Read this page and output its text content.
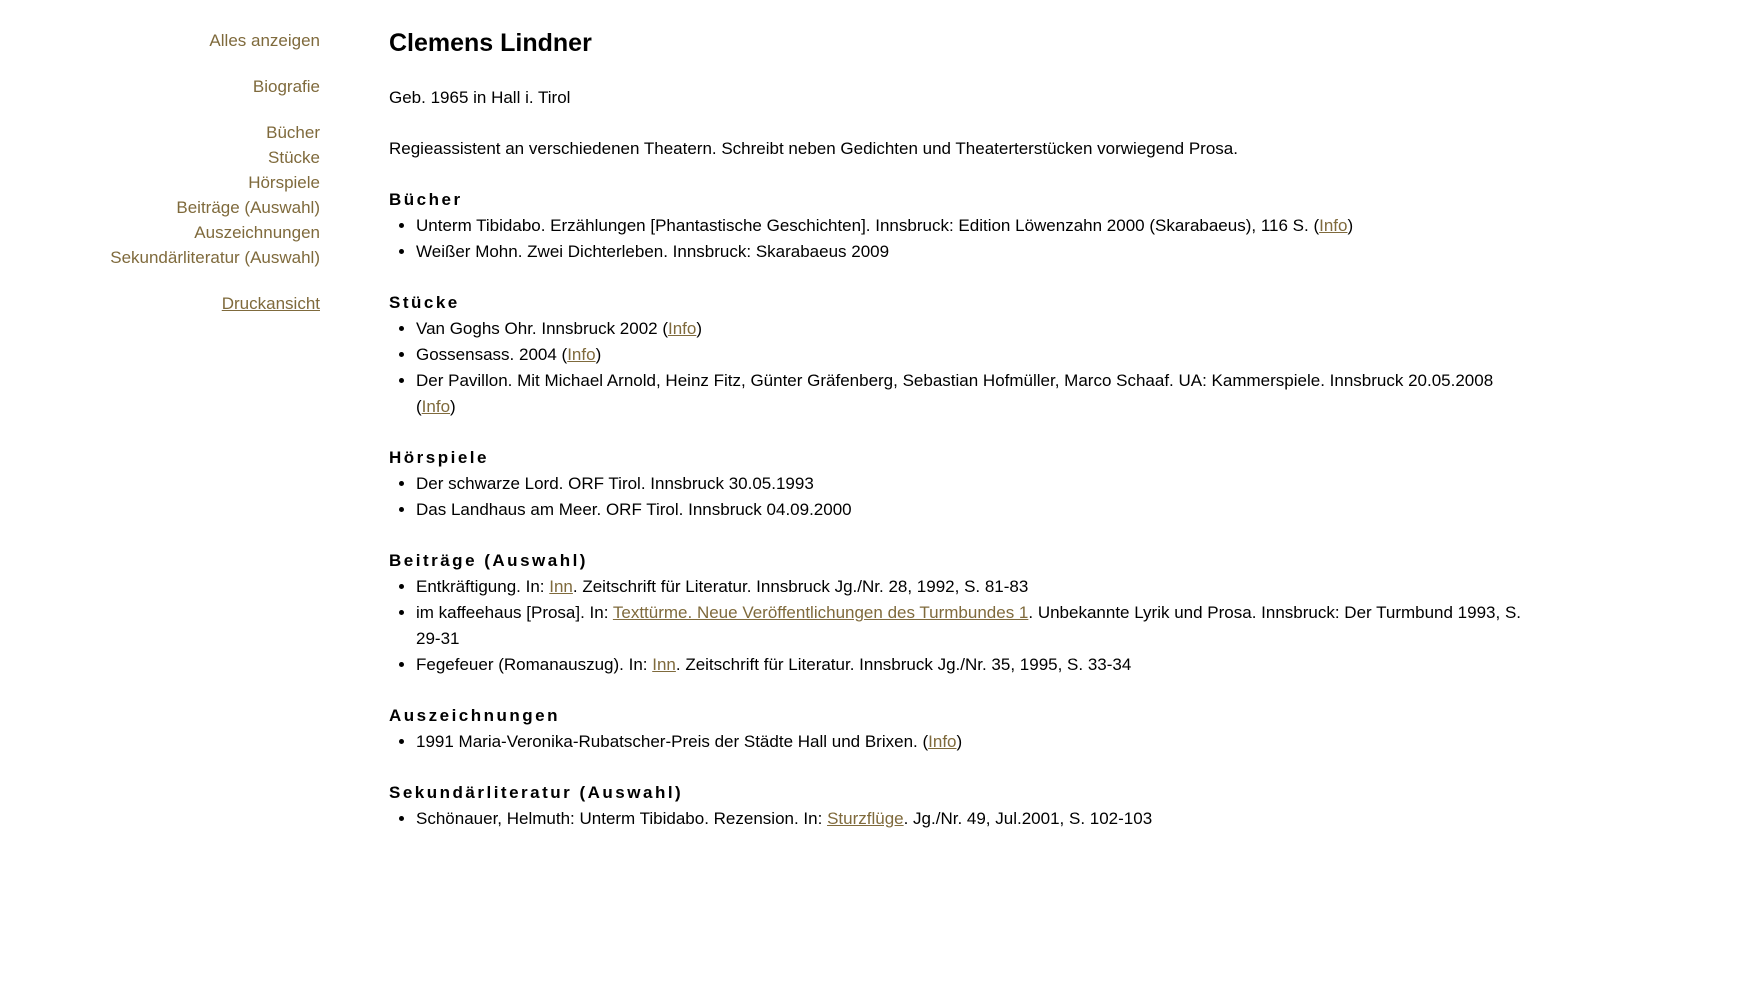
Alles anzeigen
Biografie
Bücher
Stücke
Hörspiele
Beiträge (Auswahl)
Auszeichnungen
Sekundärliteratur (Auswahl)
Druckansicht
Clemens Lindner

Geb. 1965 in Hall i. Tirol

Regieassistent an verschiedenen Theatern. Schreibt neben Gedichten und Theaterterstücken vorwiegend Prosa.

Bücher
• Unterm Tibidabo. Erzählungen [Phantastische Geschichten]. Innsbruck: Edition Löwenzahn 2000 (Skarabaeus), 116 S. (Info)
• Weißer Mohn. Zwei Dichterleben. Innsbruck: Skarabaeus 2009
Stücke
• Van Goghs Ohr. Innsbruck 2002 (Info)
• Gossensass. 2004 (Info)
• Der Pavillon. Mit Michael Arnold, Heinz Fitz, Günter Gräfenberg, Sebastian Hofmüller, Marco Schaaf. UA: Kammerspiele. Innsbruck 20.05.2008 (Info)
Hörspiele
• Der schwarze Lord. ORF Tirol. Innsbruck 30.05.1993
• Das Landhaus am Meer. ORF Tirol. Innsbruck 04.09.2000
Beiträge (Auswahl)
• Entkräftigung. In: Inn. Zeitschrift für Literatur. Innsbruck Jg./Nr. 28, 1992, S. 81-83
• im kaffeehaus [Prosa]. In: Texttürme. Neue Veröffentlichungen des Turmbundes 1. Unbekannte Lyrik und Prosa. Innsbruck: Der Turmbund 1993, S. 29-31
• Fegefeuer (Romanauszug). In: Inn. Zeitschrift für Literatur. Innsbruck Jg./Nr. 35, 1995, S. 33-34
Auszeichnungen
• 1991 Maria-Veronika-Rubatscher-Preis der Städte Hall und Brixen. (Info)
Sekundärliteratur (Auswahl)
• Schönauer, Helmuth: Unterm Tibidabo. Rezension. In: Sturzflüge. Jg./Nr. 49, Jul.2001, S. 102-103
